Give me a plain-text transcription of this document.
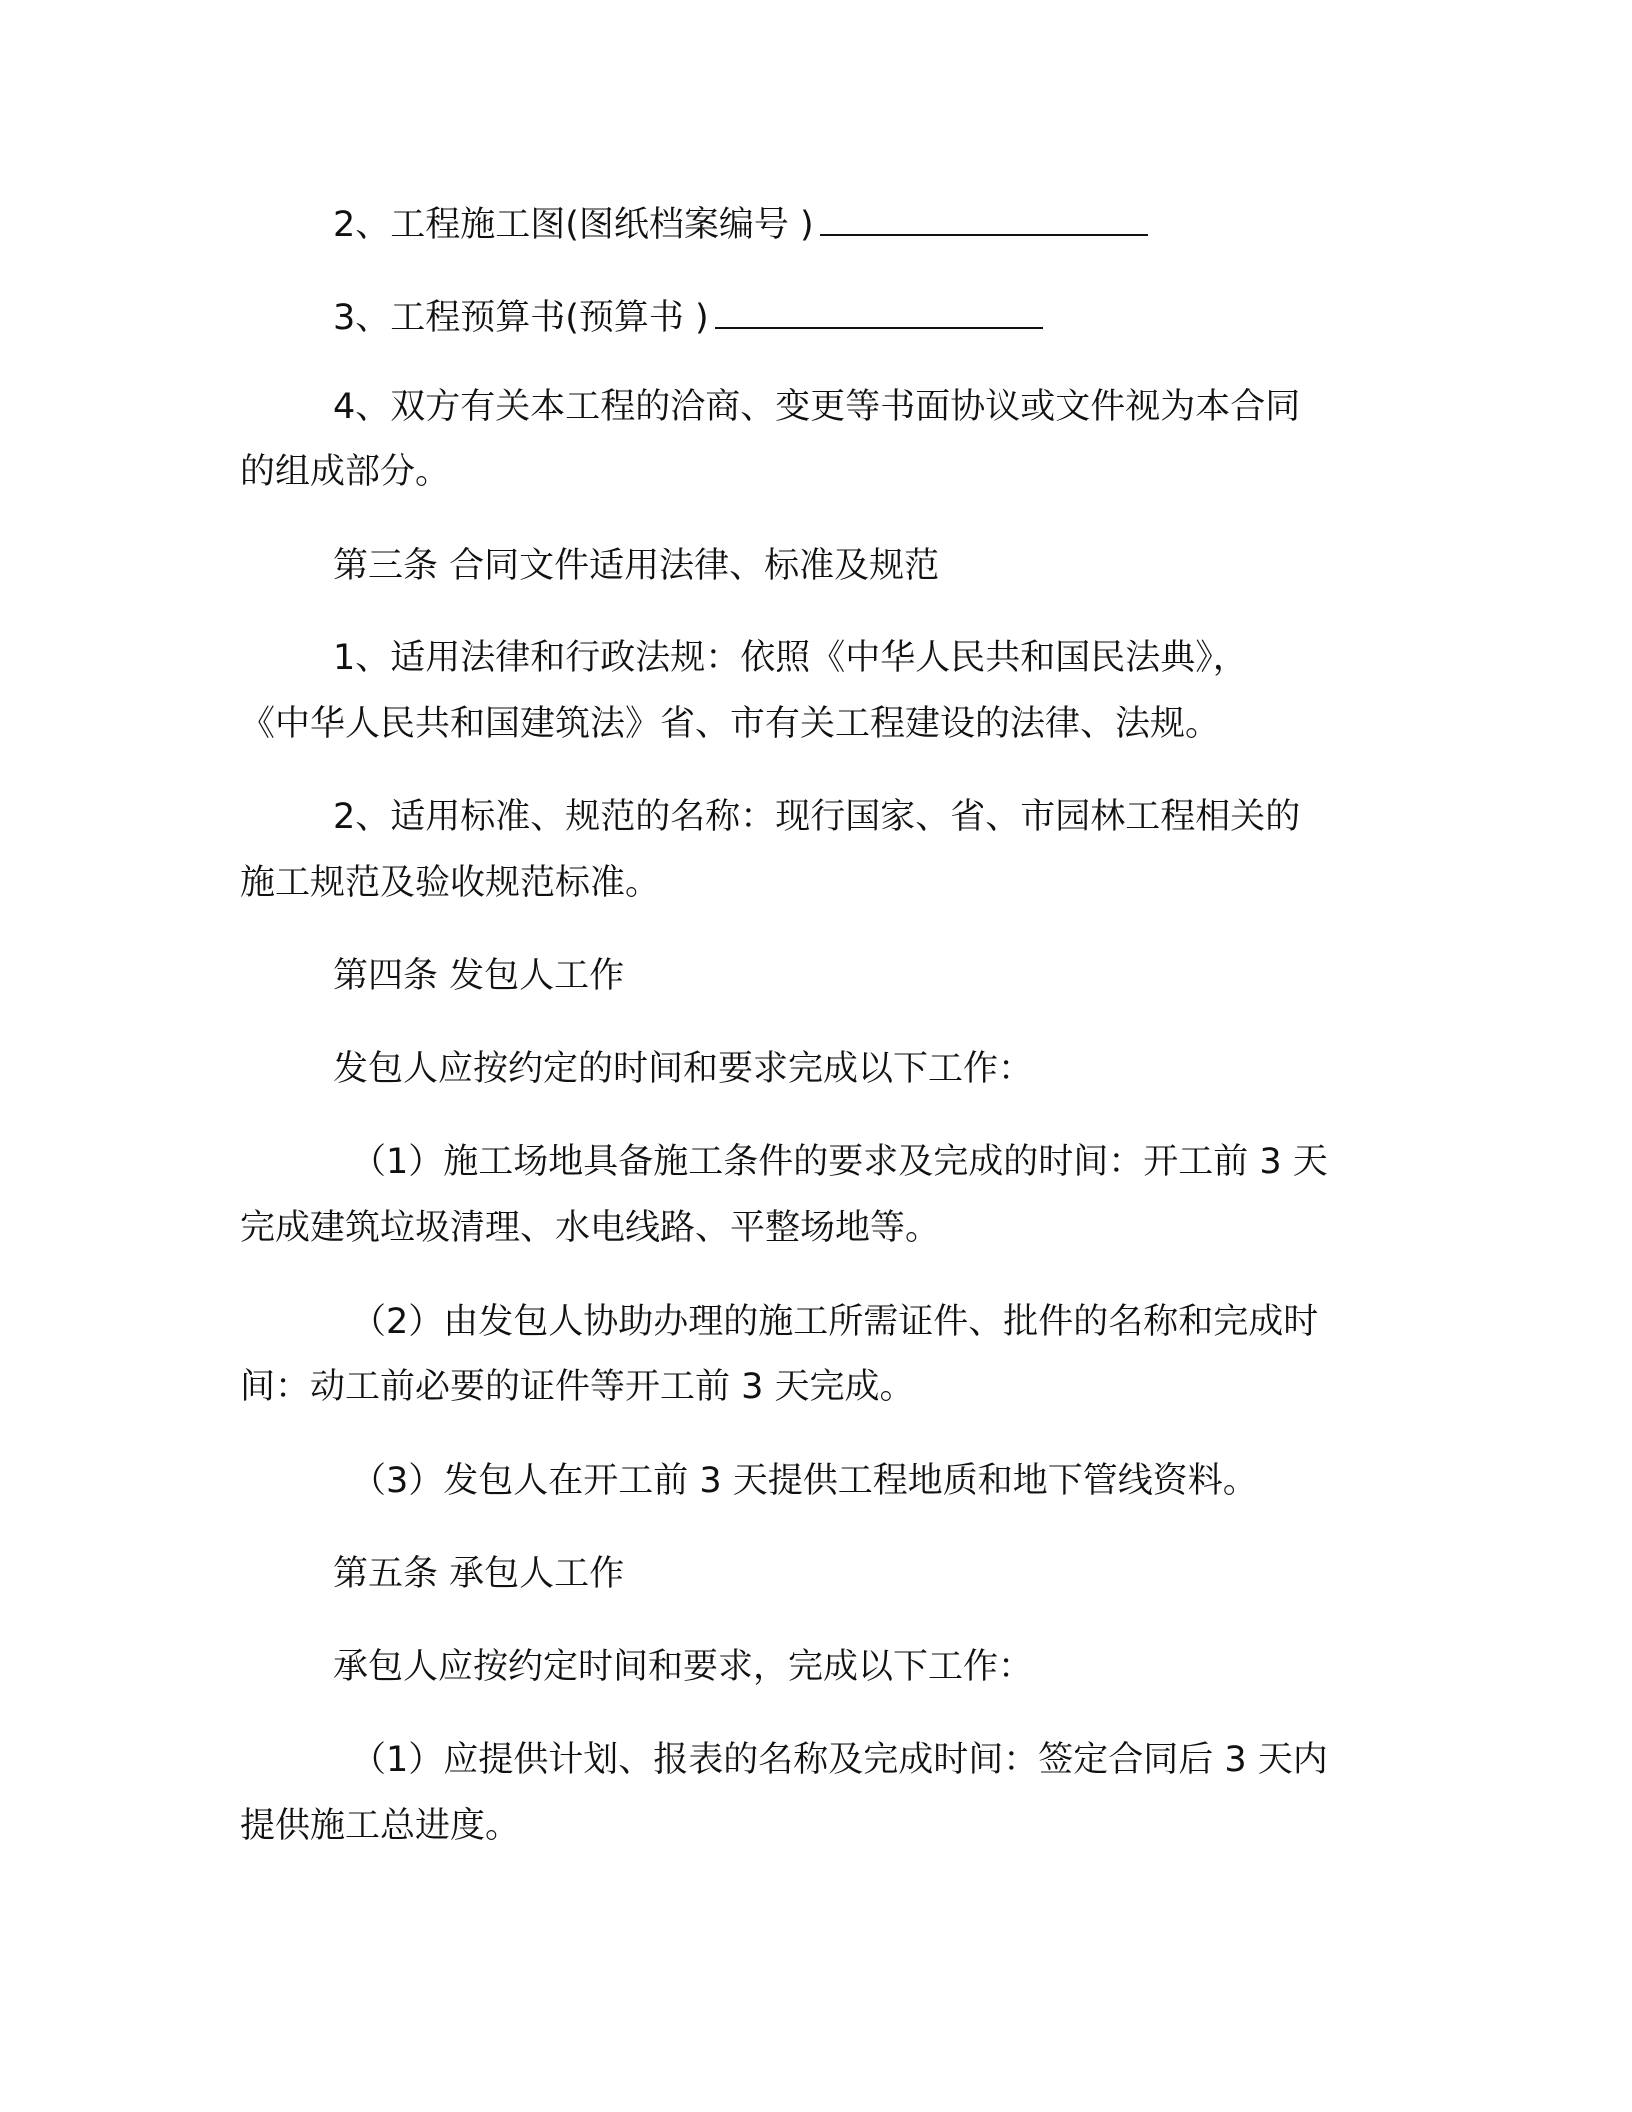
2、工程施工图(图纸档案编号 )
3、工程预算书(预算书 )
4、双方有关本工程的洽商、变更等书面协议或文件视为本合同
的组成部分。
第三条 合同文件适用法律、标准及规范
1、适用法律和行政法规：依照《中华人民共和国民法典》，
《中华人民共和国建筑法》省、市有关工程建设的法律、法规。
2、适用标准、规范的名称：现行国家、省、市园林工程相关的
施工规范及验收规范标准。
第四条 发包人工作
发包人应按约定的时间和要求完成以下工作：
（1）施工场地具备施工条件的要求及完成的时间：开工前 3 天
完成建筑垃圾清理、水电线路、平整场地等。
（2）由发包人协助办理的施工所需证件、批件的名称和完成时
间：动工前必要的证件等开工前 3 天完成。
（3）发包人在开工前 3 天提供工程地质和地下管线资料。
第五条 承包人工作
承包人应按约定时间和要求，完成以下工作：
（1）应提供计划、报表的名称及完成时间：签定合同后 3 天内
提供施工总进度。
